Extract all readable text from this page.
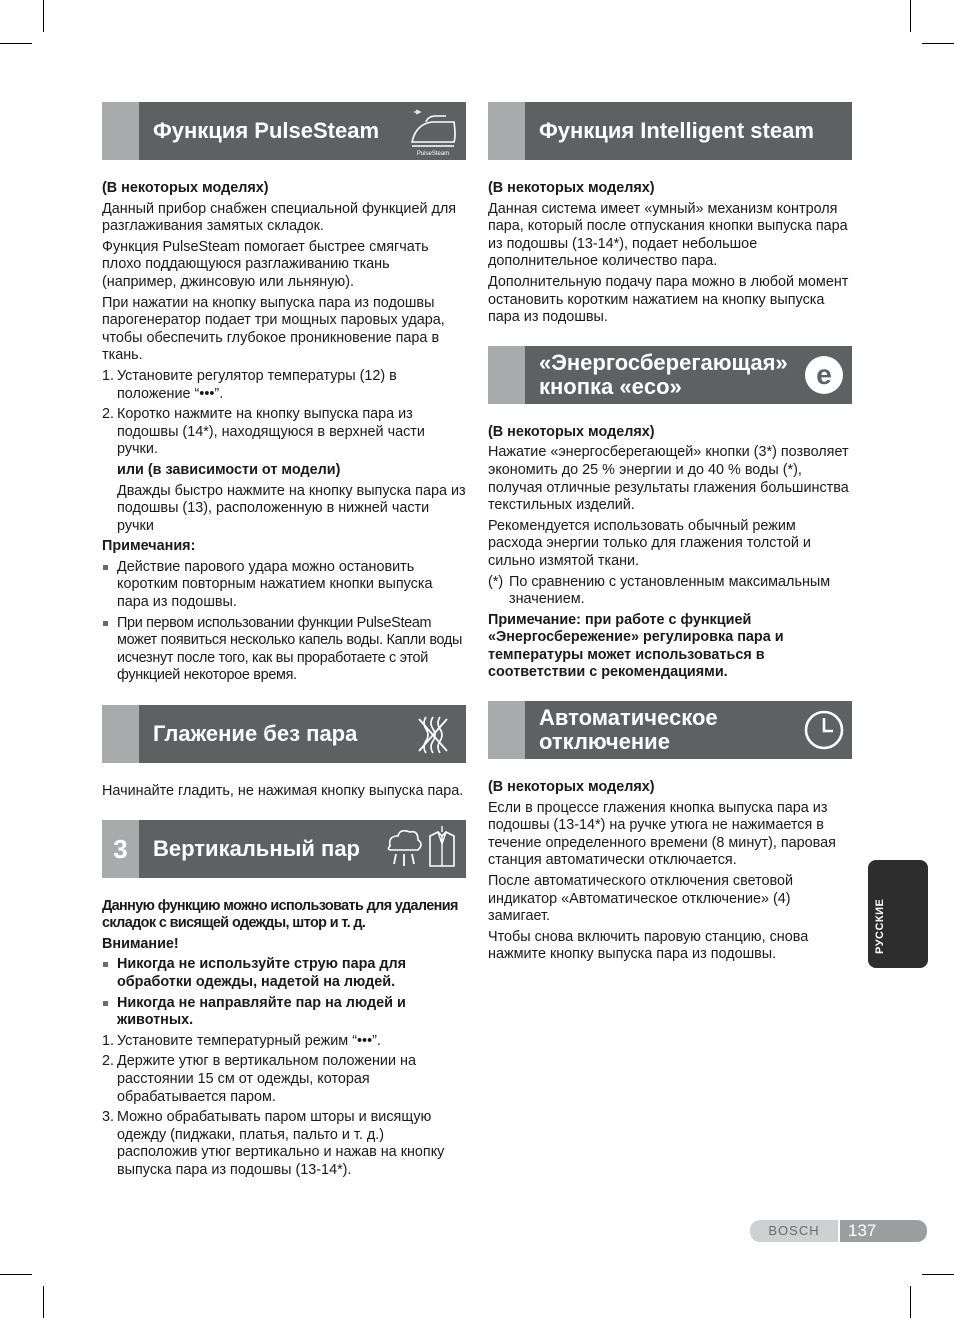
Функция PulseSteam
PulseSteam
(В некоторых моделях)
Данный прибор снабжен специальной функцией для разглаживания замятых складок.
Функция PulseSteam помогает быстрее смягчать плохо поддающуюся разглаживанию ткань (например, джинсовую или льняную).
При нажатии на кнопку выпуска пара из подошвы парогенератор подает три мощных паровых удара, чтобы обеспечить глубокое проникновение пара в ткань.
1. Установите регулятор температуры (12) в положение “•••”.
2. Коротко нажмите на кнопку выпуска пара из подошвы (14*), находящуюся в верхней части ручки.
или (в зависимости от модели)
Дважды быстро нажмите на кнопку выпуска пара из подошвы (13), расположенную в нижней части ручки
Примечания:
Действие парового удара можно остановить коротким повторным нажатием кнопки выпуска пара из подошвы.
При первом использовании функции PulseSteam может появиться несколько капель воды. Капли воды исчезнут после того, как вы проработаете с этой функцией некоторое время.
Глажение без пара
Начинайте гладить, не нажимая кнопку выпуска пара.
3	Вертикальный пар
Данную функцию можно использовать для удаления складок с висящей одежды, штор и т. д.
Внимание!
Никогда не используйте струю пара для обработки одежды, надетой на людей.
Никогда не направляйте пар на людей и животных.
1. Установите температурный режим “•••”.
2. Держите утюг в вертикальном положении на расстоянии 15 см от одежды, которая обрабатывается паром.
3. Можно обрабатывать паром шторы и висящую одежду (пиджаки, платья, пальто и т. д.) расположив утюг вертикально и нажав на кнопку выпуска пара из подошвы (13-14*).
Функция Intelligent steam
(В некоторых моделях)
Данная система имеет «умный» механизм контроля пара, который после отпускания кнопки выпуска пара из подошвы (13-14*), подает небольшое дополнительное количество пара.
Дополнительную подачу пара можно в любой момент остановить коротким нажатием на кнопку выпуска пара из подошвы.
«Энергосберегающая» кнопка «eco»	e
(В некоторых моделях)
Нажатие «энергосберегающей» кнопки (3*) позволяет экономить до 25 % энергии и до 40 % воды (*), получая отличные результаты глажения большинства текстильных изделий.
Рекомендуется использовать обычный режим расхода энергии только для глажения толстой и сильно измятой ткани.
(*) По сравнению с установленным максимальным значением.
Примечание: при работе с функцией «Энергосбережение» регулировка пара и температуры может использоваться в соответствии с рекомендациями.
Автоматическое отключение
(В некоторых моделях)
Если в процессе глажения кнопка выпуска пара из подошвы (13-14*) на ручке утюга не нажимается в течение определенного времени (8 минут), паровая станция автоматически отключается.
После автоматического отключения световой индикатор «Автоматическое отключение» (4) замигает.
Чтобы снова включить паровую станцию, снова нажмите кнопку выпуска пара из подошвы.
РУССКИЕ
BOSCH	137
